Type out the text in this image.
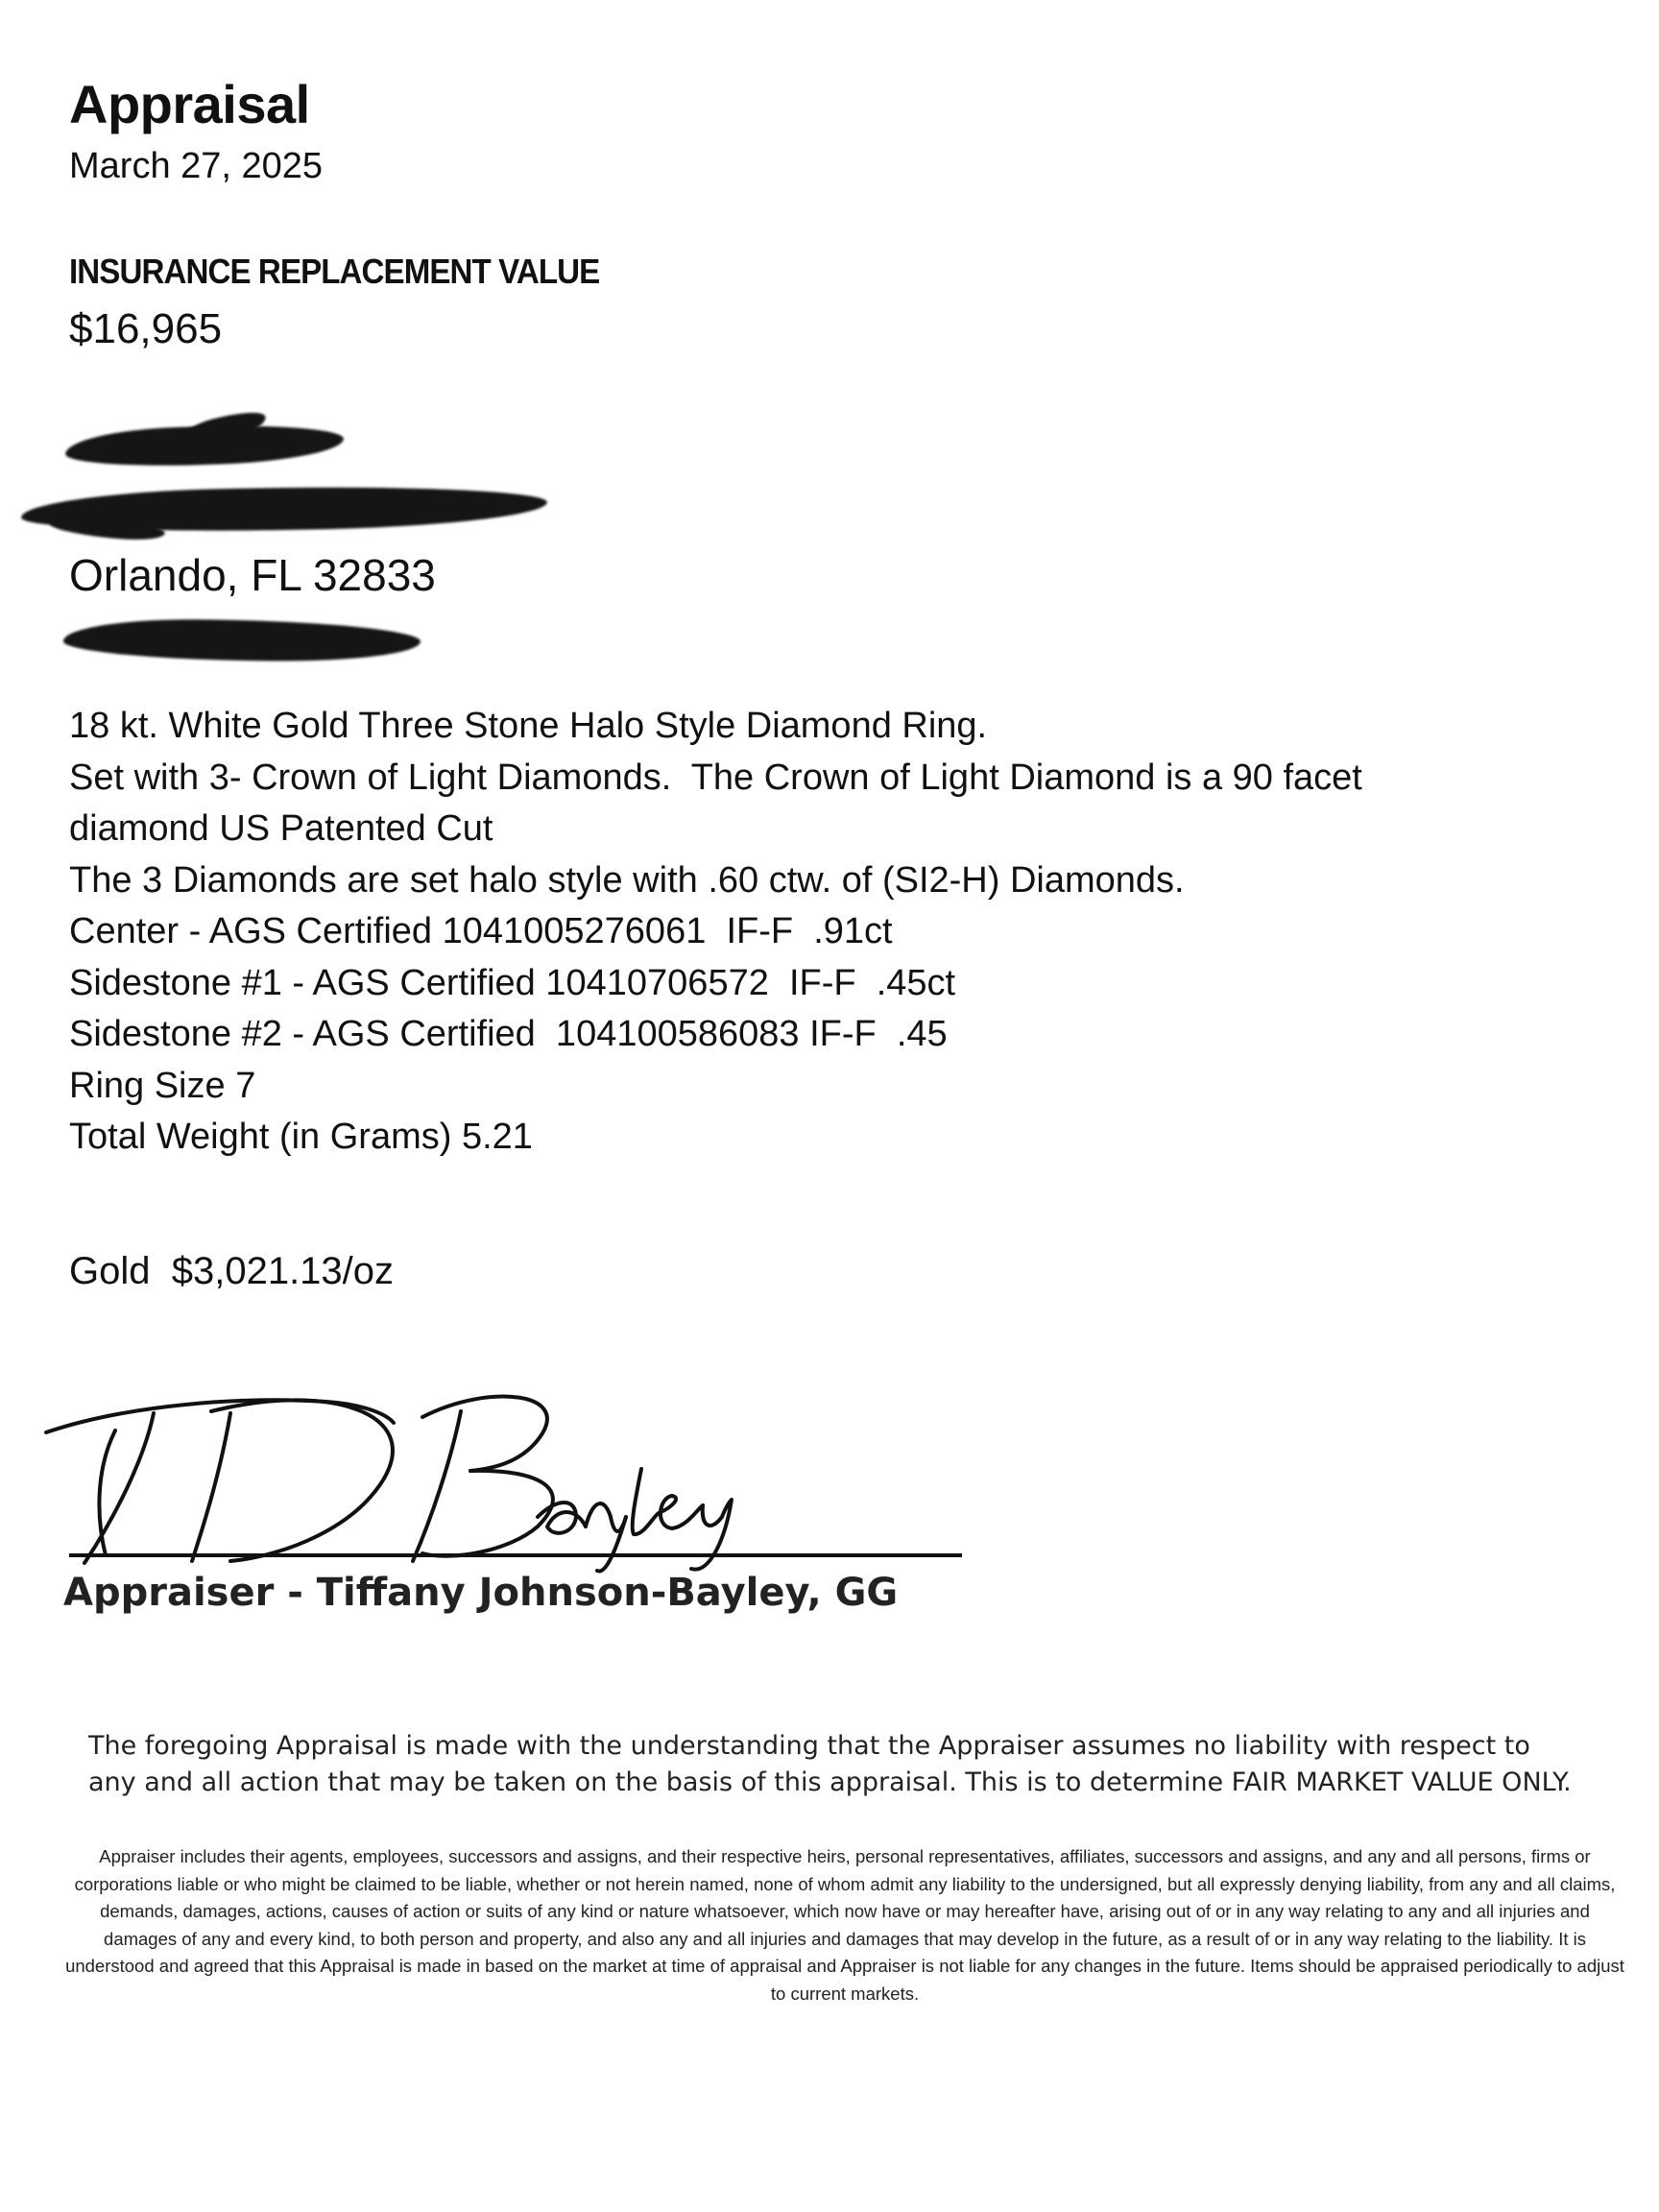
Appraisal
March 27, 2025
INSURANCE REPLACEMENT VALUE
$16,965
Orlando, FL 32833
18 kt. White Gold Three Stone Halo Style Diamond Ring.
Set with 3- Crown of Light Diamonds.  The Crown of Light Diamond is a 90 facet
diamond US Patented Cut
The 3 Diamonds are set halo style with .60 ctw. of (SI2-H) Diamonds.
Center - AGS Certified 1041005276061  IF-F  .91ct
Sidestone #1 - AGS Certified 10410706572  IF-F  .45ct
Sidestone #2 - AGS Certified  104100586083 IF-F  .45
Ring Size 7
Total Weight (in Grams) 5.21
Gold  $3,021.13/oz
Appraiser - Tiffany Johnson-Bayley, GG
The foregoing Appraisal is made with the understanding that the Appraiser assumes no liability with respect to any and all action that may be taken on the basis of this appraisal. This is to determine FAIR MARKET VALUE ONLY.
Appraiser includes their agents, employees, successors and assigns, and their respective heirs, personal representatives, affiliates, successors and assigns, and any and all persons, firms or corporations liable or who might be claimed to be liable, whether or not herein named, none of whom admit any liability to the undersigned, but all expressly denying liability, from any and all claims, demands, damages, actions, causes of action or suits of any kind or nature whatsoever, which now have or may hereafter have, arising out of or in any way relating to any and all injuries and damages of any and every kind, to both person and property, and also any and all injuries and damages that may develop in the future, as a result of or in any way relating to the liability. It is understood and agreed that this Appraisal is made in based on the market at time of appraisal and Appraiser is not liable for any changes in the future. Items should be appraised periodically to adjust to current markets.
